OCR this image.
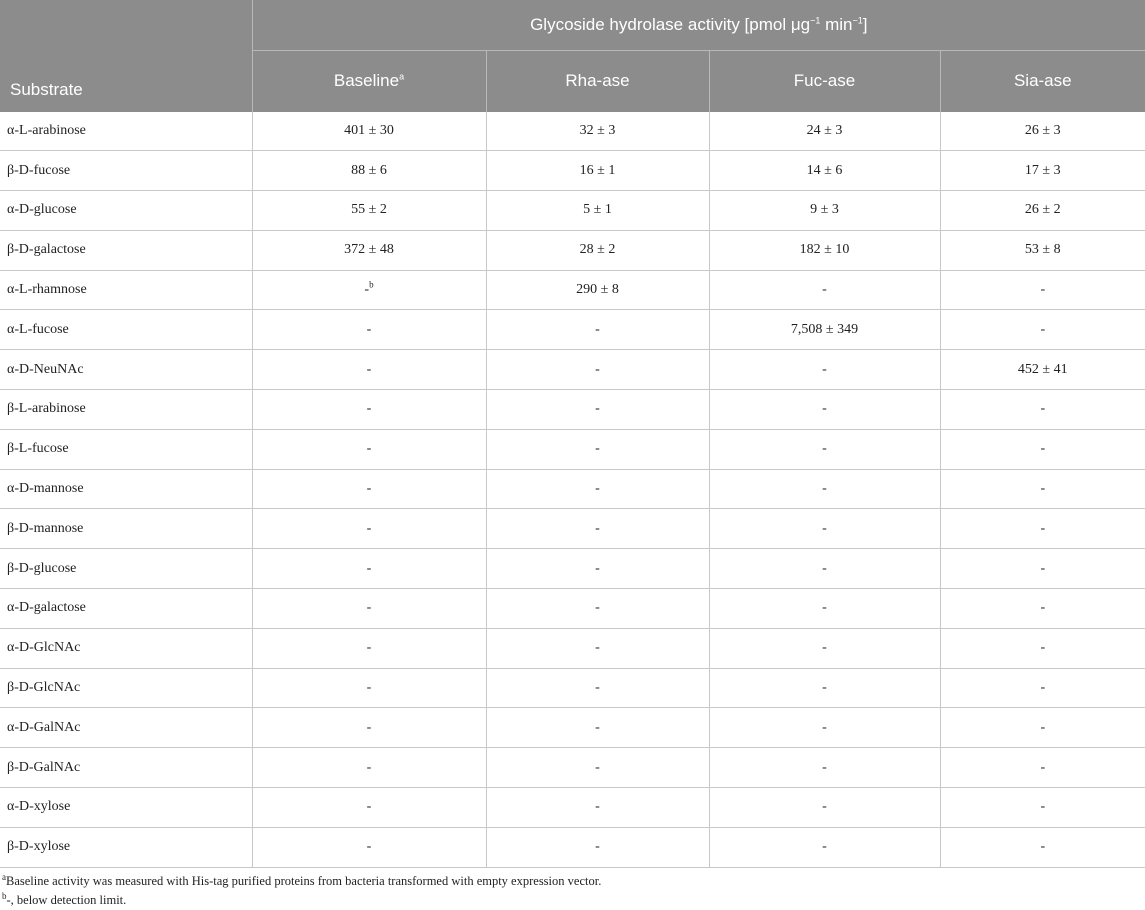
	Glycoside hydrolase activity [pmol $\mu g^{-1}$ $\min^{-1}$]			
Substrate	Baseline$^a$	Rha-ase	Fuc-ase	Sia-ase
α-L-arabinose	401 ± 30	32 ± 3	24 ± 3	26 ± 3
β-D-fucose	88 ± 6	16 ± 1	14 ± 6	17 ± 3
α-D-glucose	55 ± 2	5 ± 1	9 ± 3	26 ± 2
β-D-galactose	372 ± 48	28 ± 2	182 ± 10	53 ± 8
α-L-rhamnose	-$^b$	290 ± 8	-	-
α-L-fucose	-	-	7,508 ± 349	-
α-D-NeuNAc	-	-	-	452 ± 41
β-L-arabinose	-	-	-	-
β-L-fucose	-	-	-	-
α-D-mannose	-	-	-	-
β-D-mannose	-	-	-	-
β-D-glucose	-	-	-	-
α-D-galactose	-	-	-	-
α-D-GlcNAc	-	-	-	-
β-D-GlcNAc	-	-	-	-
α-D-GalNAc	-	-	-	-
β-D-GalNAc	-	-	-	-
α-D-xylose	-	-	-	-
β-D-xylose	-	-	-	-
$^a$Baseline activity was measured with His-tag purified proteins from bacteria transformed with empty expression vector.
$^b$-, below detection limit.
